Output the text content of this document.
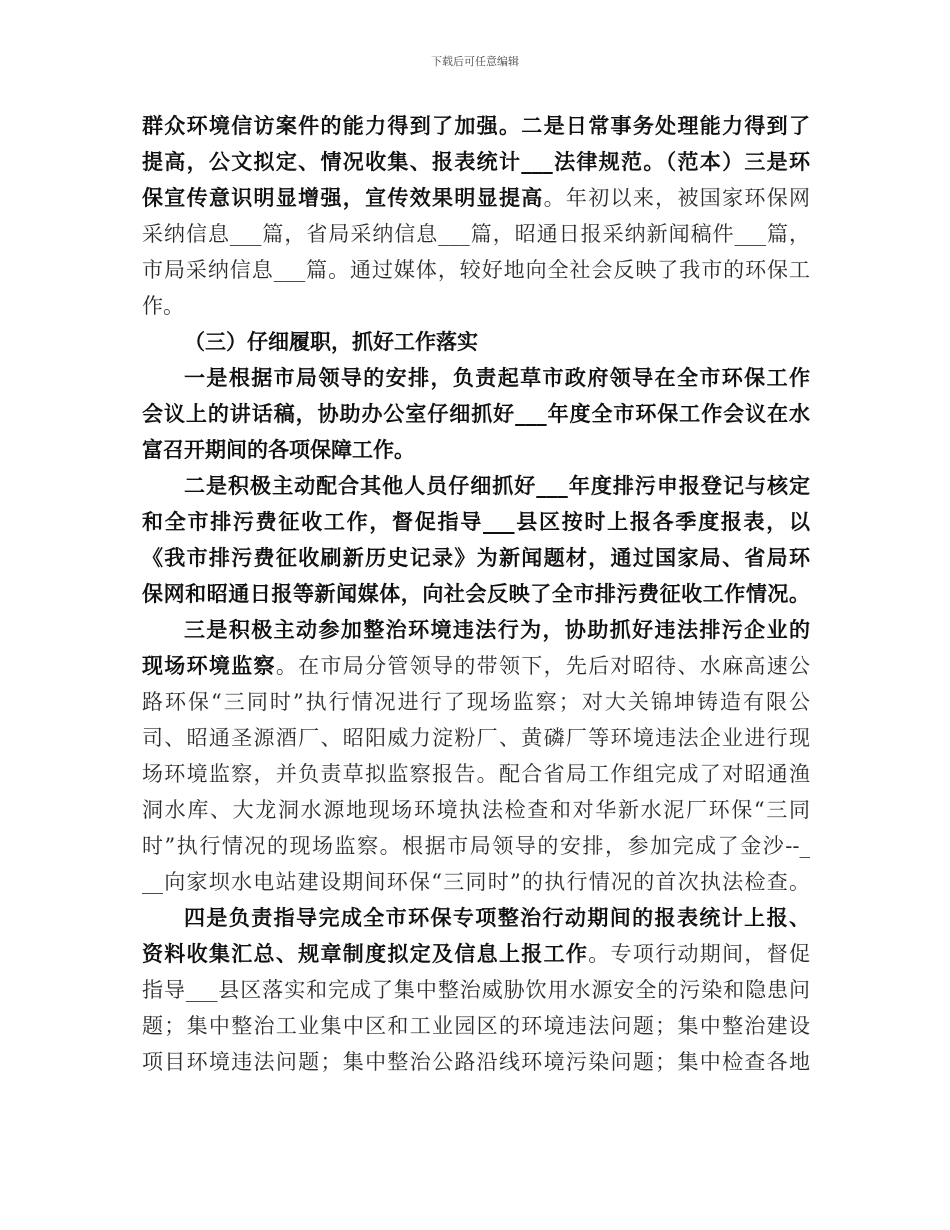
下载后可任意编辑
群众环境信访案件的能力得到了加强。二是日常事务处理能力得到了
提高，公文拟定、情况收集、报表统计___法律规范。（范本）三是环
保宣传意识明显增强，宣传效果明显提高。年初以来，被国家环保网
采纳信息___篇，省局采纳信息___篇，昭通日报采纳新闻稿件___篇，
市局采纳信息___篇。通过媒体，较好地向全社会反映了我市的环保工
作。
（三）仔细履职，抓好工作落实
一是根据市局领导的安排，负责起草市政府领导在全市环保工作
会议上的讲话稿，协助办公室仔细抓好___年度全市环保工作会议在水
富召开期间的各项保障工作。
二是积极主动配合其他人员仔细抓好___年度排污申报登记与核定
和全市排污费征收工作，督促指导___县区按时上报各季度报表，以
《我市排污费征收刷新历史记录》为新闻题材，通过国家局、省局环
保网和昭通日报等新闻媒体，向社会反映了全市排污费征收工作情况。
三是积极主动参加整治环境违法行为，协助抓好违法排污企业的
现场环境监察。在市局分管领导的带领下，先后对昭待、水麻高速公
路环保“三同时”执行情况进行了现场监察；对大关锦坤铸造有限公
司、昭通圣源酒厂、昭阳威力淀粉厂、黄磷厂等环境违法企业进行现
场环境监察，并负责草拟监察报告。配合省局工作组完成了对昭通渔
洞水库、大龙洞水源地现场环境执法检查和对华新水泥厂环保“三同
时”执行情况的现场监察。根据市局领导的安排，参加完成了金沙--_
__向家坝水电站建设期间环保“三同时”的执行情况的首次执法检查。
四是负责指导完成全市环保专项整治行动期间的报表统计上报、
资料收集汇总、规章制度拟定及信息上报工作。专项行动期间，督促
指导___县区落实和完成了集中整治威胁饮用水源安全的污染和隐患问
题；集中整治工业集中区和工业园区的环境违法问题；集中整治建设
项目环境违法问题；集中整治公路沿线环境污染问题；集中检查各地
